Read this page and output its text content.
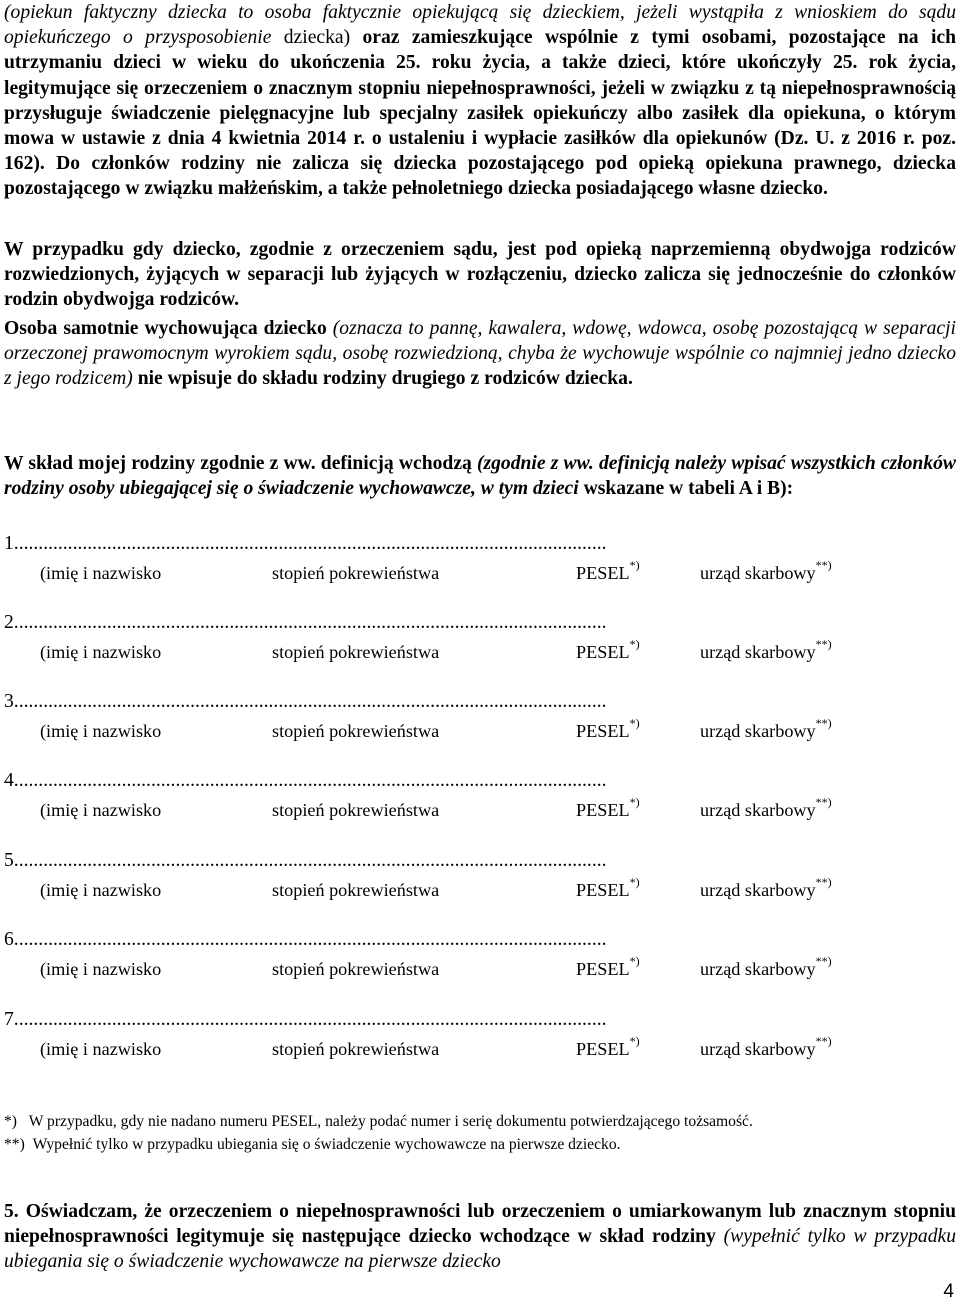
(opiekun faktyczny dziecka to osoba faktycznie opiekującą się dzieckiem, jeżeli wystąpiła z wnioskiem do sądu opiekuńczego o przysposobienie dziecka) oraz zamieszkujące wspólnie z tymi osobami, pozostające na ich utrzymaniu dzieci w wieku do ukończenia 25. roku życia, a także dzieci, które ukończyły 25. rok życia, legitymujące się orzeczeniem o znacznym stopniu niepełnosprawności, jeżeli w związku z tą niepełnosprawnością przysługuje świadczenie pielęgnacyjne lub specjalny zasiłek opiekuńczy albo zasiłek dla opiekuna, o którym mowa w ustawie z dnia 4 kwietnia 2014 r. o ustaleniu i wypłacie zasiłków dla opiekunów (Dz. U. z 2016 r. poz. 162). Do członków rodziny nie zalicza się dziecka pozostającego pod opieką opiekuna prawnego, dziecka pozostającego w związku małżeńskim, a także pełnoletniego dziecka posiadającego własne dziecko.

W przypadku gdy dziecko, zgodnie z orzeczeniem sądu, jest pod opieką naprzemienną obydwojga rodziców rozwiedzionych, żyjących w separacji lub żyjących w rozłączeniu, dziecko zalicza się jednocześnie do członków rodzin obydwojga rodziców.

Osoba samotnie wychowująca dziecko (oznacza to pannę, kawalera, wdowę, wdowca, osobę pozostającą w separacji orzeczonej prawomocnym wyrokiem sądu, osobę rozwiedzioną, chyba że wychowuje wspólnie co najmniej jedno dziecko z jego rodzicem) nie wpisuje do składu rodziny drugiego z rodziców dziecka.

W skład mojej rodziny zgodnie z ww. definicją wchodzą (zgodnie z ww. definicją należy wpisać wszystkich członków rodziny osoby ubiegającej się o świadczenie wychowawcze, w tym dzieci wskazane w tabeli A i B):

1.........................................................................................................................
(imię i nazwisko	stopień pokrewieństwa	PESEL*)	urząd skarbowy**)
2.........................................................................................................................
(imię i nazwisko	stopień pokrewieństwa	PESEL*)	urząd skarbowy**)
3.........................................................................................................................
(imię i nazwisko	stopień pokrewieństwa	PESEL*)	urząd skarbowy**)
4.........................................................................................................................
(imię i nazwisko	stopień pokrewieństwa	PESEL*)	urząd skarbowy**)
5.........................................................................................................................
(imię i nazwisko	stopień pokrewieństwa	PESEL*)	urząd skarbowy**)
6.........................................................................................................................
(imię i nazwisko	stopień pokrewieństwa	PESEL*)	urząd skarbowy**)
7.........................................................................................................................
(imię i nazwisko	stopień pokrewieństwa	PESEL*)	urząd skarbowy**)
*) W przypadku, gdy nie nadano numeru PESEL, należy podać numer i serię dokumentu potwierdzającego tożsamość.
**) Wypełnić tylko w przypadku ubiegania się o świadczenie wychowawcze na pierwsze dziecko.

5. Oświadczam, że orzeczeniem o niepełnosprawności lub orzeczeniem o umiarkowanym lub znacznym stopniu niepełnosprawności legitymuje się następujące dziecko wchodzące w skład rodziny (wypełnić tylko w przypadku ubiegania się o świadczenie wychowawcze na pierwsze dziecko

4
